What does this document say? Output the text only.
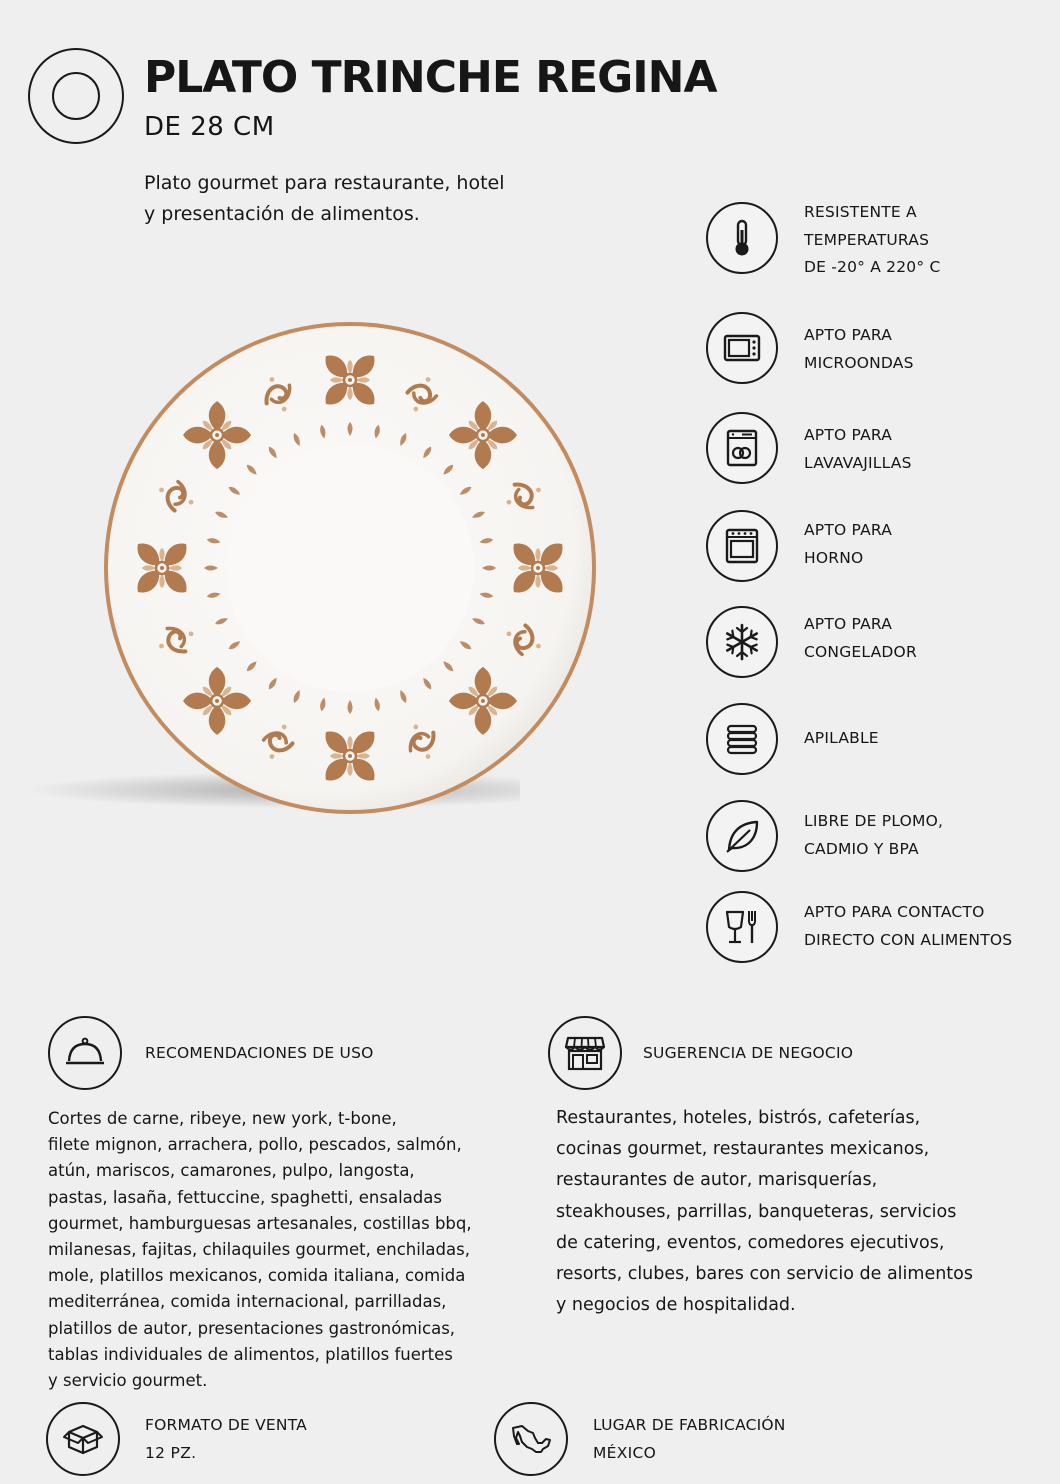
PLATO TRINCHE REGINA

DE 28 CM

Plato gourmet para restaurante, hotel
y presentación de alimentos.	RESISTENTE A
TEMPERATURAS
DE -20° A 220° C

APTO PARA
MICROONDAS

APTO PARA
LAVAVAJILLAS

APTO PARA
HORNO

APTO PARA
CONGELADOR

APILABLE

LIBRE DE PLOMO,
CADMIO Y BPA

APTO PARA CONTACTO
DIRECTO CON ALIMENTOS

RECOMENDACIONES DE USO

Cortes de carne, ribeye, new york, t-bone,

filete mignon, arrachera, pollo, pescados, salmón,

atún, mariscos, camarones, pulpo, langosta,

pastas, lasaña, fettuccine, spaghetti, ensaladas

gourmet, hamburguesas artesanales, costillas bbq,

milanesas, fajitas, chilaquiles gourmet, enchiladas,

mole, platillos mexicanos, comida italiana, comida

mediterránea, comida internacional, parrilladas,

platillos de autor, presentaciones gastronómicas,

tablas individuales de alimentos, platillos fuertes

y servicio gourmet.

SUGERENCIA DE NEGOCIO

Restaurantes, hoteles, bistrós, cafeterías,

cocinas gourmet, restaurantes mexicanos,

restaurantes de autor, marisquerías,

steakhouses, parrillas, banqueteras, servicios

de catering, eventos, comedores ejecutivos,

resorts, clubes, bares con servicio de alimentos

y negocios de hospitalidad.

FORMATO DE VENTA

12 PZ.

LUGAR DE FABRICACIÓN

MÉXICO
